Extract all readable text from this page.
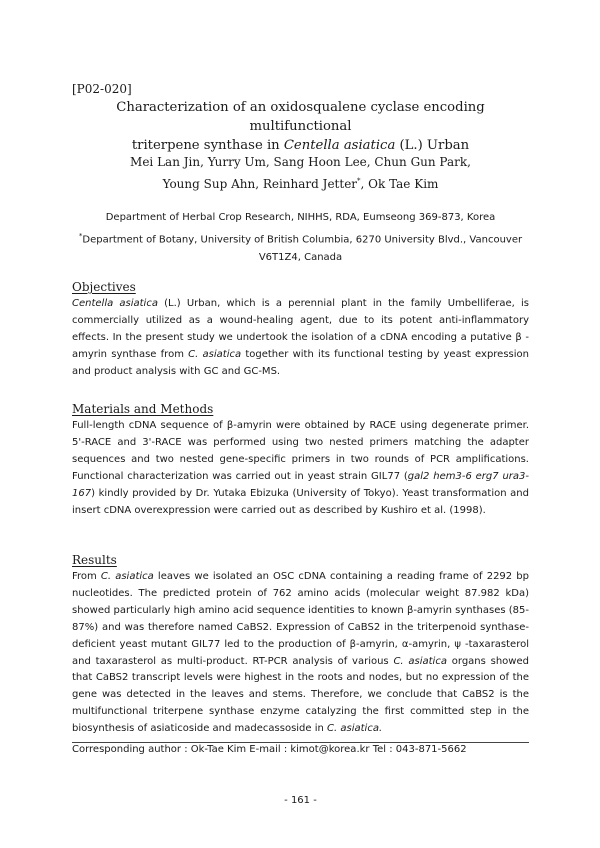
[P02-020]
Characterization of an oxidosqualene cyclase encoding multifunctional
triterpene synthase in Centella asiatica (L.) Urban
Mei Lan Jin, Yurry Um, Sang Hoon Lee, Chun Gun Park,
Young Sup Ahn, Reinhard Jetter*, Ok Tae Kim
Department of Herbal Crop Research, NIHHS, RDA, Eumseong 369-873, Korea
*Department of Botany, University of British Columbia, 6270 University Blvd., Vancouver
V6T1Z4, Canada
Objectives

Centella asiatica (L.) Urban, which is a perennial plant in the family Umbelliferae, is commercially utilized as a wound-healing agent, due to its potent anti-inflammatory effects. In the present study we undertook the isolation of a cDNA encoding a putative β -amyrin synthase from C. asiatica together with its functional testing by yeast expression and product analysis with GC and GC-MS.

Materials and Methods

Full-length cDNA sequence of β-amyrin were obtained by RACE using degenerate primer. 5'-RACE and 3'-RACE was performed using two nested primers matching the adapter sequences and two nested gene-specific primers in two rounds of PCR amplifications. Functional characterization was carried out in yeast strain GIL77 (gal2 hem3-6 erg7 ura3-167) kindly provided by Dr. Yutaka Ebizuka (University of Tokyo). Yeast transformation and insert cDNA overexpression were carried out as described by Kushiro et al. (1998).

Results

From C. asiatica leaves we isolated an OSC cDNA containing a reading frame of 2292 bp nucleotides. The predicted protein of 762 amino acids (molecular weight 87.982 kDa) showed particularly high amino acid sequence identities to known β-amyrin synthases (85-87%) and was therefore named CaBS2. Expression of CaBS2 in the triterpenoid synthase-deficient yeast mutant GIL77 led to the production of β-amyrin, α-amyrin, ψ -taxarasterol and taxarasterol as multi-product. RT-PCR analysis of various C. asiatica organs showed that CaBS2 transcript levels were highest in the roots and nodes, but no expression of the gene was detected in the leaves and stems. Therefore, we conclude that CaBS2 is the multifunctional triterpene synthase enzyme catalyzing the first committed step in the biosynthesis of asiaticoside and madecassoside in C. asiatica.

Corresponding author : Ok-Tae Kim E-mail : kimot@korea.kr Tel : 043-871-5662
- 161 -
